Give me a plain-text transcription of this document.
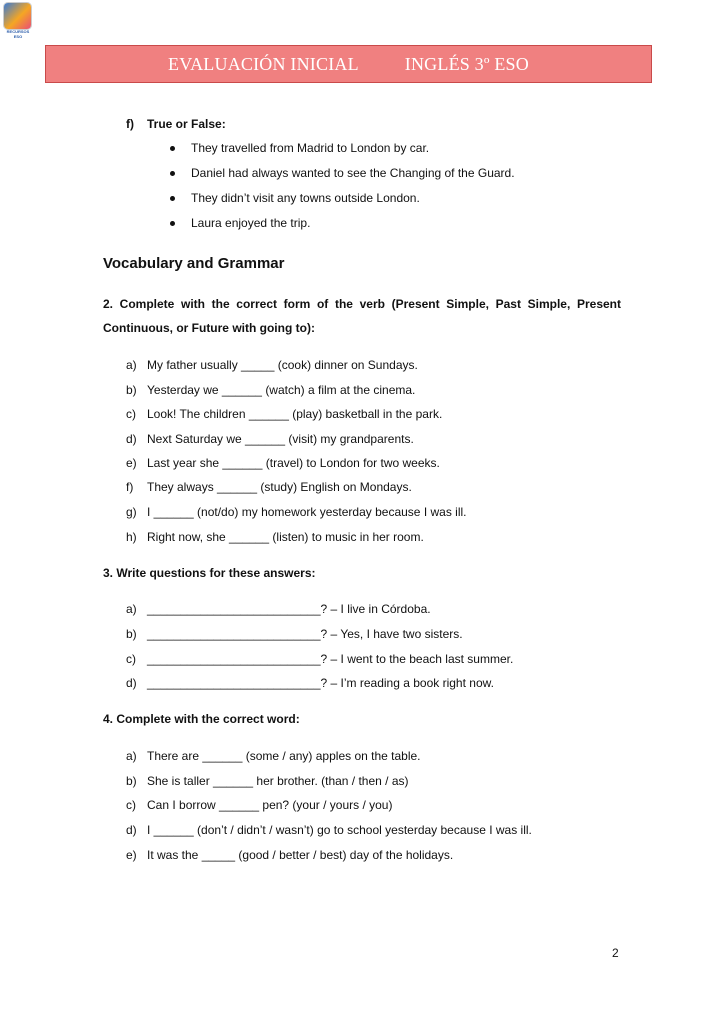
RECURSOS ESO
EVALUACIÓN INICIAL	INGLÉS 3º ESO
f) True or False:
They travelled from Madrid to London by car.
Daniel had always wanted to see the Changing of the Guard.
They didn’t visit any towns outside London.
Laura enjoyed the trip.
Vocabulary and Grammar
2. Complete with the correct form of the verb (Present Simple, Past Simple, Present
Continuous, or Future with going to):
a) My father usually _____ (cook) dinner on Sundays.
b) Yesterday we ______ (watch) a film at the cinema.
c) Look! The children ______ (play) basketball in the park.
d) Next Saturday we ______ (visit) my grandparents.
e) Last year she ______ (travel) to London for two weeks.
f) They always ______ (study) English on Mondays.
g) I ______ (not/do) my homework yesterday because I was ill.
h) Right now, she ______ (listen) to music in her room.
3. Write questions for these answers:
a) __________________________? – I live in Córdoba.
b) __________________________? – Yes, I have two sisters.
c) __________________________? – I went to the beach last summer.
d) __________________________? – I’m reading a book right now.
4. Complete with the correct word:
a) There are ______ (some / any) apples on the table.
b) She is taller ______ her brother. (than / then / as)
c) Can I borrow ______ pen? (your / yours / you)
d) I ______ (don’t / didn’t / wasn’t) go to school yesterday because I was ill.
e) It was the _____ (good / better / best) day of the holidays.
2
